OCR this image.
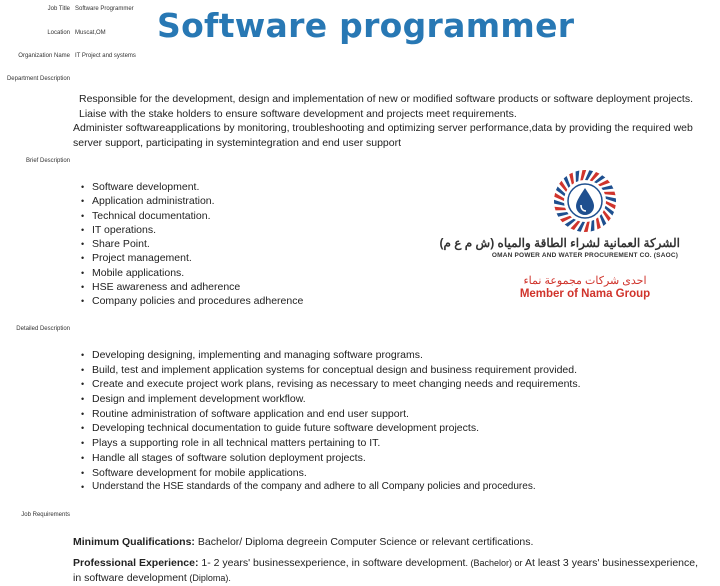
Job Title Software Programmer
Location Muscat,OM
Organization Name IT Project and systems
Department Description
Brief Description
Detailed Description
Job Requirements
Software programmer
Responsible for the development, design and implementation of new or modified software products or software deployment projects. Liaise with the stake holders to ensure software development and projects meet requirements.
Administer softwareapplications by monitoring, troubleshooting and optimizing server performance,data by providing the required web server support, participating in systemintegration and end user support
• Software development.
• Application administration.
• Technical documentation.
• IT operations.
• Share Point.
• Project management.
• Mobile applications.
• HSE awareness and adherence
• Company policies and procedures adherence
الشركة العمانية لشراء الطاقة والمياه (ش م ع م)
OMAN POWER AND WATER PROCUREMENT CO. (SAOC)
احدى شركات مجموعة نماء
Member of Nama Group
• Developing designing, implementing and managing software programs.
• Build, test and implement application systems for conceptual design and business requirement provided.
• Create and execute project work plans, revising as necessary to meet changing needs and requirements.
• Design and implement development workflow.
• Routine administration of software application and end user support.
• Developing technical documentation to guide future software development projects.
• Plays a supporting role in all technical matters pertaining to IT.
• Handle all stages of software solution deployment projects.
• Software development for mobile applications.
• Understand the HSE standards of the company and adhere to all Company policies and procedures.
Minimum Qualifications: Bachelor/ Diploma degreein Computer Science or relevant certifications.
Professional Experience: 1- 2 years' businessexperience, in software development. (Bachelor) or At least 3 years' businessexperience, in software development (Diploma).
